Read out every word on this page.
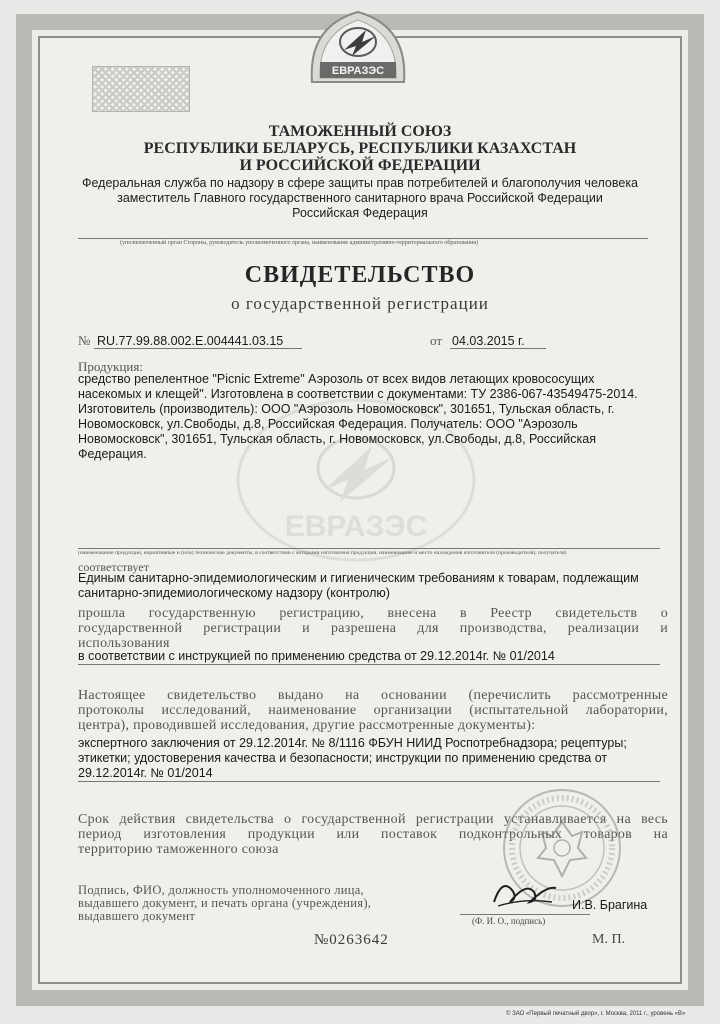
ЕВРАЗЭС
ЕВРАЗЭС
ТАМОЖЕННЫЙ СОЮЗ
РЕСПУБЛИКИ БЕЛАРУСЬ, РЕСПУБЛИКИ КАЗАХСТАН
И РОССИЙСКОЙ ФЕДЕРАЦИИ
Федеральная служба по надзору в сфере защиты прав потребителей и благополучия человека
заместитель Главного государственного санитарного врача Российской Федерации
Российская Федерация
(уполномоченный орган Стороны, руководитель уполномоченного органа, наименование административно-территориального образования)
СВИДЕТЕЛЬСТВО
о государственной регистрации
№ RU.77.99.88.002.E.004441.03.15	от 04.03.2015 г.
Продукция:
средство репелентное "Picnic Extreme" Аэрозоль от всех видов летающих кровососущих
насекомых и клещей". Изготовлена в соответствии с документами: ТУ 2386-067-43549475-2014.
Изготовитель (производитель): ООО "Аэрозоль Новомосковск", 301651, Тульская область, г.
Новомосковск, ул.Свободы, д.8, Российская Федерация. Получатель: ООО "Аэрозоль
Новомосковск", 301651, Тульская область, г. Новомосковск, ул.Свободы, д.8, Российская
Федерация.
(наименование продукции, нормативные и (или) технические документы, в соответствии с которыми изготовлена продукция, наименование и место нахождения изготовителя (производителя), получателя)
соответствует
Единым санитарно-эпидемиологическим и гигиеническим требованиям к товарам, подлежащим
санитарно-эпидемиологическому надзору (контролю)
прошла государственную регистрацию, внесена в Реестр свидетельств о
государственной регистрации и разрешена для производства, реализации и
использования
в соответствии с инструкцией по применению средства от 29.12.2014г. № 01/2014
Настоящее свидетельство выдано на основании (перечислить рассмотренные
протоколы исследований, наименование организации (испытательной лаборатории,
центра), проводившей исследования, другие рассмотренные документы):
экспертного заключения от 29.12.2014г. № 8/1116 ФБУН НИИД Роспотребнадзора; рецептуры;
этикетки; удостоверения качества и безопасности; инструкции по применению средства от
29.12.2014г. № 01/2014
Срок действия свидетельства о государственной регистрации устанавливается на весь
период изготовления продукции или поставок подконтрольных товаров на
территорию таможенного союза
Подпись, ФИО, должность уполномоченного лица,
выдавшего документ, и печать органа (учреждения),
выдавшего документ
И.В. Брагина
(Ф. И. О., подпись)
№0263642	М. П.
© ЗАО «Первый печатный двор», г. Москва, 2011 г., уровень «В»
